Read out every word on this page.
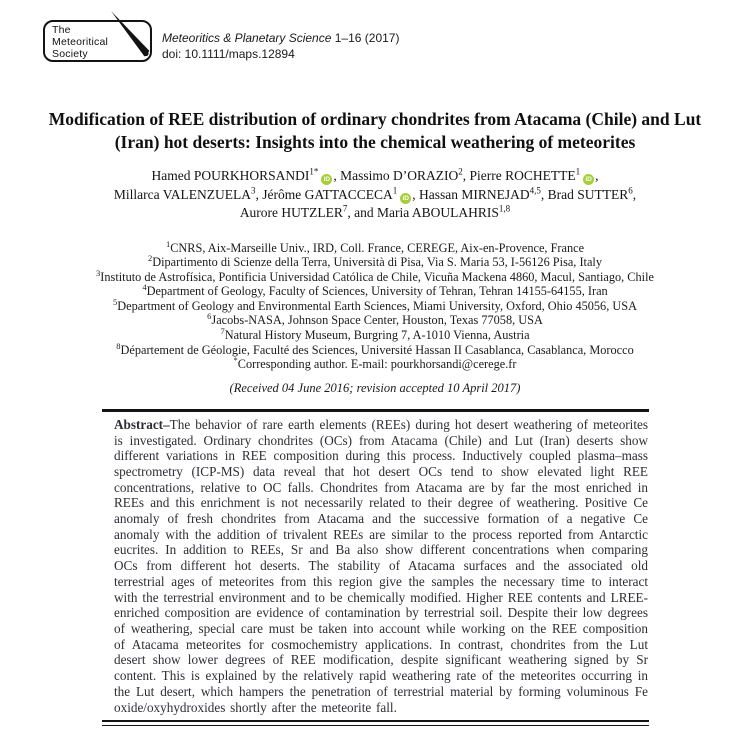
The
Meteoritical
Society
Meteoritics & Planetary Science 1–16 (2017)
doi: 10.1111/maps.12894
Modification of REE distribution of ordinary chondrites from Atacama (Chile) and Lut (Iran) hot deserts: Insights into the chemical weathering of meteorites
Hamed $POURKHORSANDI^{1*}iD$ , Massimo D’ORAZIO$^2$, Pierre ROCHETTE$^1$iD ,
Millarca VALENZUELA$^3$, Jérôme GATTACCECA$^1$iD , Hassan MIRNEJAD$^{4,5}$, Brad SUTTER$^6$,
Aurore HUTZLER$^7$, and Maria ABOULAHRIS$^{1,8}$
$^1$CNRS, Aix-Marseille Univ., IRD, Coll. France, CEREGE, Aix-en-Provence, France
$^2$Dipartimento di Scienze della Terra, Università di Pisa, Via S. Maria 53, I-56126 Pisa, Italy
$^3$Instituto de Astrofísica, Pontificia Universidad Católica de Chile, Vicuña Mackena 4860, Macul, Santiago, Chile
$^4$Department of Geology, Faculty of Sciences, University of Tehran, Tehran 14155-64155, Iran
$^5$Department of Geology and Environmental Earth Sciences, Miami University, Oxford, Ohio 45056, USA
$^6$Jacobs-NASA, Johnson Space Center, Houston, Texas 77058, USA
$^7$Natural History Museum, Burgring 7, A-1010 Vienna, Austria
$^8$Département de Géologie, Faculté des Sciences, Université Hassan II Casablanca, Casablanca, Morocco
*Corresponding author. E-mail: pourkhorsandi@cerege.fr
(Received 04 June 2016; revision accepted 10 April 2017)

Abstract–The behavior of rare earth elements (REEs) during hot desert weathering of meteorites is investigated. Ordinary chondrites (OCs) from Atacama (Chile) and Lut (Iran) deserts show different variations in REE composition during this process. Inductively coupled plasma–mass spectrometry (ICP-MS) data reveal that hot desert OCs tend to show elevated light REE concentrations, relative to OC falls. Chondrites from Atacama are by far the most enriched in REEs and this enrichment is not necessarily related to their degree of weathering. Positive Ce anomaly of fresh chondrites from Atacama and the successive formation of a negative Ce anomaly with the addition of trivalent REEs are similar to the process reported from Antarctic eucrites. In addition to REEs, Sr and Ba also show different concentrations when comparing OCs from different hot deserts. The stability of Atacama surfaces and the associated old terrestrial ages of meteorites from this region give the samples the necessary time to interact with the terrestrial environment and to be chemically modified. Higher REE contents and LREE-enriched composition are evidence of contamination by terrestrial soil. Despite their low degrees of weathering, special care must be taken into account while working on the REE composition of Atacama meteorites for cosmochemistry applications. In contrast, chondrites from the Lut desert show lower degrees of REE modification, despite significant weathering signed by Sr content. This is explained by the relatively rapid weathering rate of the meteorites occurring in the Lut desert, which hampers the penetration of terrestrial material by forming voluminous Fe oxide/oxyhydroxides shortly after the meteorite fall.
